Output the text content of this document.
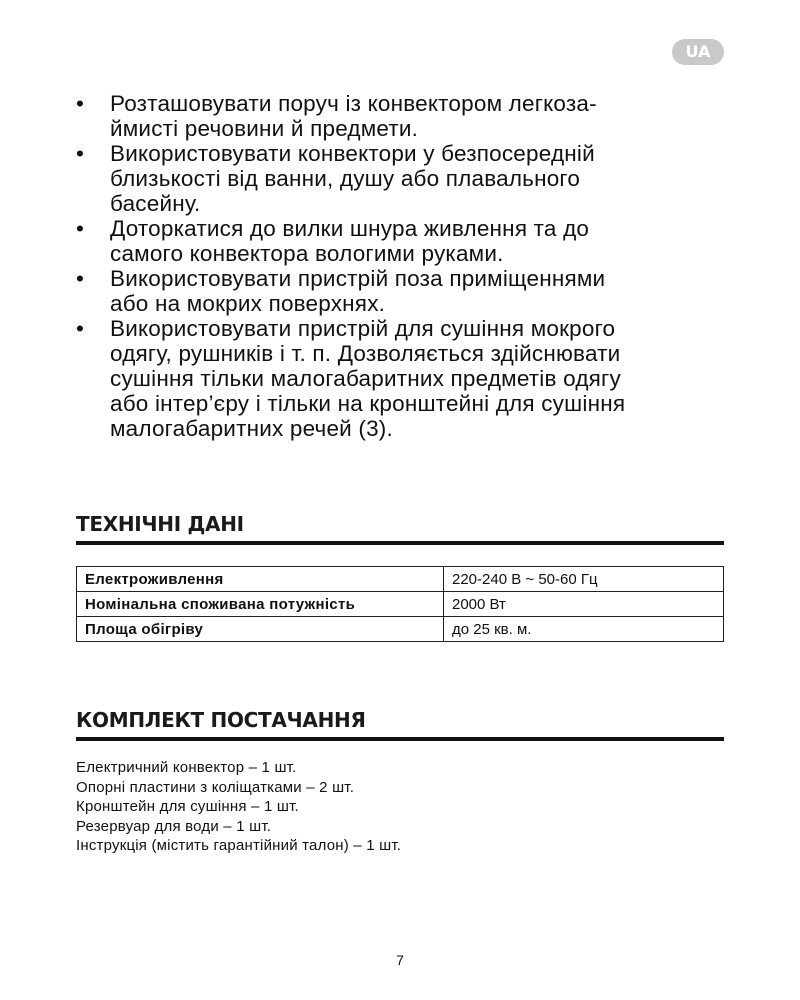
UA
•	Розташовувати поруч із конвектором легкоза-
ймисті речовини й предмети.
•	Використовувати конвектори у безпосередній
близькості від ванни, душу або плавального
басейну.
•	Доторкатися до вилки шнура живлення та до
самого конвектора вологими руками.
•	Використовувати пристрій поза приміщеннями
або на мокрих поверхнях.
•	Використовувати пристрій для сушіння мокрого
одягу, рушників і т. п. Дозволяється здійснювати
сушіння тільки малогабаритних предметів одягу
або інтер’єру і тільки на кронштейні для сушіння
малогабаритних речей (3).
ТЕХНІЧНІ ДАНІ
Електроживлення	220-240 В ~ 50-60 Гц
Номінальна споживана потужність	2000 Вт
Площа обігріву	до 25 кв. м.
КОМПЛЕКТ ПОСТАЧАННЯ
Електричний конвектор – 1 шт.
Опорні пластини з коліщатками – 2 шт.
Кронштейн для сушіння – 1 шт.
Резервуар для води – 1 шт.
Інструкція (містить гарантійний талон) – 1 шт.
7
